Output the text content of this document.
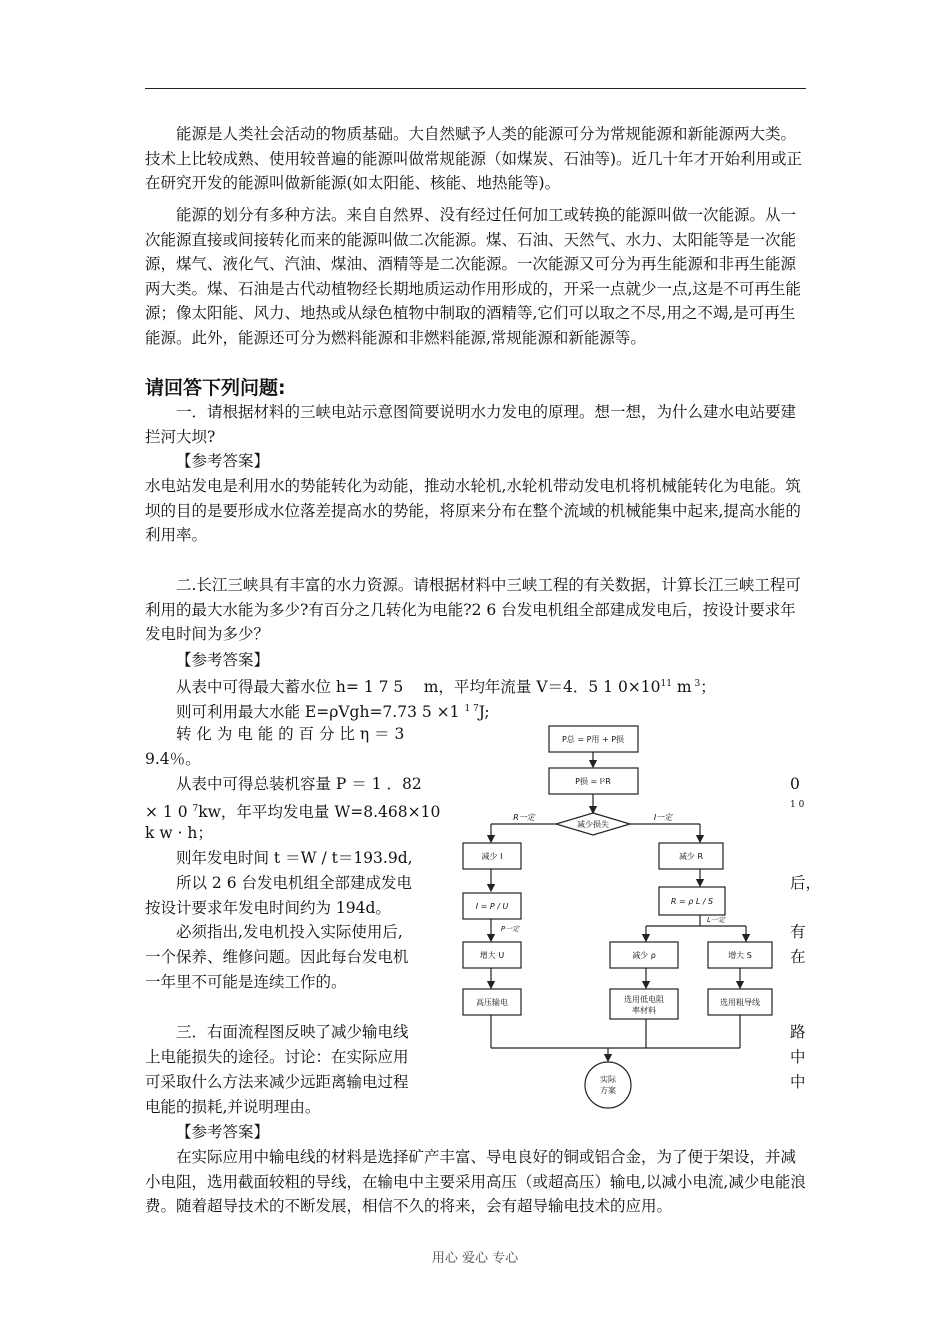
能源是人类社会活动的物质基础。大自然赋予人类的能源可分为常规能源和新能源两大类。技术上比较成熟、使用较普遍的能源叫做常规能源（如煤炭、石油等)。近几十年才开始利用或正在研究开发的能源叫做新能源(如太阳能、核能、地热能等)。

能源的划分有多种方法。来自自然界、没有经过任何加工或转换的能源叫做一次能源。从一次能源直接或间接转化而来的能源叫做二次能源。煤、石油、天然气、水力、太阳能等是一次能源，煤气、液化气、汽油、煤油、酒精等是二次能源。一次能源又可分为再生能源和非再生能源两大类。煤、石油是古代动植物经长期地质运动作用形成的，开采一点就少一点,这是不可再生能源；像太阳能、风力、地热或从绿色植物中制取的酒精等,它们可以取之不尽,用之不竭,是可再生能源。此外，能源还可分为燃料能源和非燃料能源,常规能源和新能源等。

请回答下列问题:

一．请根据材料的三峡电站示意图简要说明水力发电的原理。想一想，为什么建水电站要建拦河大坝?

【参考答案】

水电站发电是利用水的势能转化为动能，推动水轮机,水轮机带动发电机将机械能转化为电能。筑坝的目的是要形成水位落差提高水的势能，将原来分布在整个流域的机械能集中起来,提高水能的利用率。

二.长江三峡具有丰富的水力资源。请根据材料中三峡工程的有关数据，计算长江三峡工程可利用的最大水能为多少?有百分之几转化为电能?2 6 台发电机组全部建成发电后，按设计要求年发电时间为多少？

【参考答案】

从表中可得最大蓄水位 h= 1 7 5　 m，平均年流量 V＝4．5 1 $0\times 10^{11}$ m $^3$；

则可利用最大水能 E=ρVgh=7.73 5 ×1 $^{1 7}$J;

转 化 为 电 能 的 百 分 比 η ＝ 3

9.4％。

从表中可得总装机容量 P ＝ 1 ．82	0

× 1 0 $^7$kw，年平均发电量 W=8.468×10	1 0

k w · h；

则年发电时间 t ＝W / t＝193.9d,

所以 2 6 台发电机组全部建成发电	后，

按设计要求年发电时间约为 194d。

必须指出,发电机投入实际使用后,	有

一个保养、维修问题。因此每台发电机	在

一年里不可能是连续工作的。

三．右面流程图反映了减少输电线	路

上电能损失的途径。讨论：在实际应用	中

可采取什么方法来减少远距离输电过程	中

电能的损耗,并说明理由。

【参考答案】

在实际应用中输电线的材料是选择矿产丰富、导电良好的铜或铝合金，为了便于架设，并减小电阻，选用截面较粗的导线，在输电中主要采用高压（或超高压）输电,以减小电流,减少电能浪费。随着超导技术的不断发展，相信不久的将来，会有超导输电技术的应用。

P总 = P用 + P损
P损 = I²R
减少损失
R一定	I一定
减少 I
I = P / U
P一定
增大 U
高压输电
减少 R
R = ρ L / S
L一定
减少 ρ	增大 S
选用低电阻
率材料
选用粗导线
实际
方案
用心 爱心 专心
